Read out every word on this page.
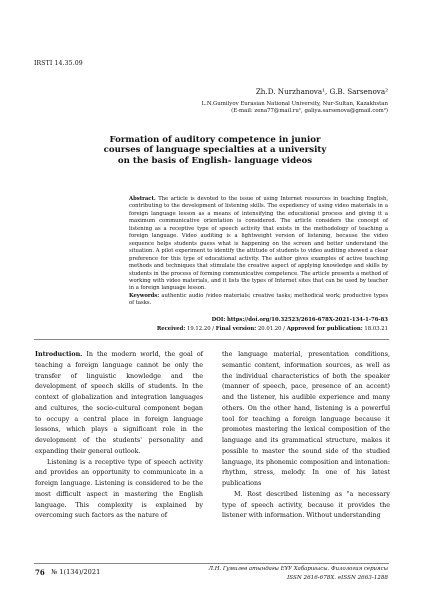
IRSTI 14.35.09
Zh.D. Nurzhanova¹, G.B. Sarsenova²
L.N.Gumilyov Eurasian National University, Nur-Sultan, Kazakhstan
(E-mail: zena77@mail.ru¹, galiya.sarsenova@gmail.com²)
Formation of auditory competence in junior courses of language specialties at a university on the basis of English- language videos
Abstract. The article is devoted to the issue of using Internet resources in teaching English, contributing to the development of listening skills. The expediency of using video materials in a foreign language lesson as a means of intensifying the educational process and giving it a maximum communicative orientation is considered. The article considers the concept of listening as a receptive type of speech activity that exists in the methodology of teaching a foreign language. Video auditing is a lightweight version of listening, because the video sequence helps students guess what is happening on the screen and better understand the situation. A pilot experiment to identify the attitude of students to video auditing showed a clear preference for this type of educational activity. The author gives examples of active teaching methods and techniques that stimulate the creative aspect of applying knowledge and skills by students in the process of forming communicative competence. The article presents a method of working with video materials, and it lists the types of Internet sites that can be used by teacher in a foreign language lesson.
Keywords: authentic audio /video materials; creative tasks; methodical work; productive types of tasks.
DOI: https://doi.org/10.32523/2616-678X-2021-134-1-76-83
Received: 19.12.20 / Final version: 20.01.20 / Approved for publication: 18.03.21

Introduction. In the modern world, the goal of teaching a foreign language cannot be only the transfer of linguistic knowledge and the development of speech skills of students. In the context of globalization and integration languages and cultures, the socio-cultural component began to occupy a central place in foreign language lessons, which plays a significant role in the development of the students' personality and expanding their general outlook.

Listening is a receptive type of speech activity and provides an opportunity to communicate in a foreign language. Listening is considered to be the most difficult aspect in mastering the English language. This complexity is explained by overcoming such factors as the nature of

the language material, presentation conditions, semantic content, information sources, as well as the individual characteristics of both the speaker (manner of speech, pace, presence of an accent) and the listener, his audible experience and many others. On the other hand, listening is a powerful tool for teaching a foreign language because it promotes mastering the lexical composition of the language and its grammatical structure, makes it possible to master the sound side of the studied language, its phonemic composition and intonation: rhythm, stress, melody. In one of his latest publications

M. Rost described listening as "a necessary type of speech activity, because it provides the listener with information. Without understanding

76 № 1(134)/2021	Л.Н. Гумилев атындағы ЕҰУ Хабаршысы. Филология сериясы
ISSN 2616-678X. eISSN 2663-1288
